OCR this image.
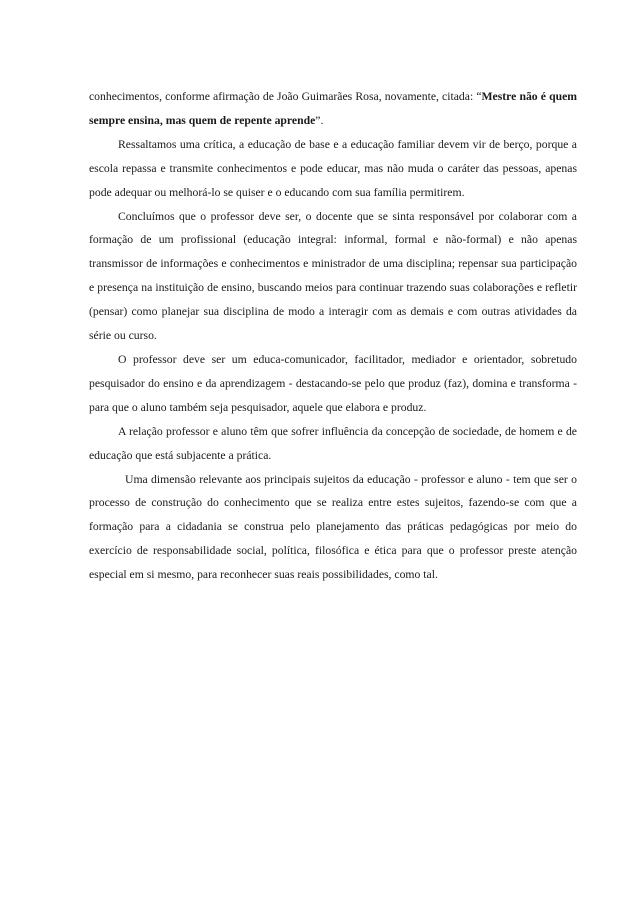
conhecimentos, conforme afirmação de João Guimarães Rosa, novamente, citada: “Mestre não é quem sempre ensina, mas quem de repente aprende”.

Ressaltamos uma crítica, a educação de base e a educação familiar devem vir de berço, porque a escola repassa e transmite conhecimentos e pode educar, mas não muda o caráter das pessoas, apenas pode adequar ou melhorá-lo se quiser e o educando com sua família permitirem.

Concluímos que o professor deve ser, o docente que se sinta responsável por colaborar com a formação de um profissional (educação integral: informal, formal e não-formal) e não apenas transmissor de informações e conhecimentos e ministrador de uma disciplina; repensar sua participação e presença na instituição de ensino, buscando meios para continuar trazendo suas colaborações e refletir (pensar) como planejar sua disciplina de modo a interagir com as demais e com outras atividades da série ou curso.

O professor deve ser um educa-comunicador, facilitador, mediador e orientador, sobretudo pesquisador do ensino e da aprendizagem - destacando-se pelo que produz (faz), domina e transforma - para que o aluno também seja pesquisador, aquele que elabora e produz.

A relação professor e aluno têm que sofrer influência da concepção de sociedade, de homem e de educação que está subjacente a prática.

Uma dimensão relevante aos principais sujeitos da educação - professor e aluno - tem que ser o processo de construção do conhecimento que se realiza entre estes sujeitos, fazendo-se com que a formação para a cidadania se construa pelo planejamento das práticas pedagógicas por meio do exercício de responsabilidade social, política, filosófica e ética para que o professor preste atenção especial em si mesmo, para reconhecer suas reais possibilidades, como tal.
